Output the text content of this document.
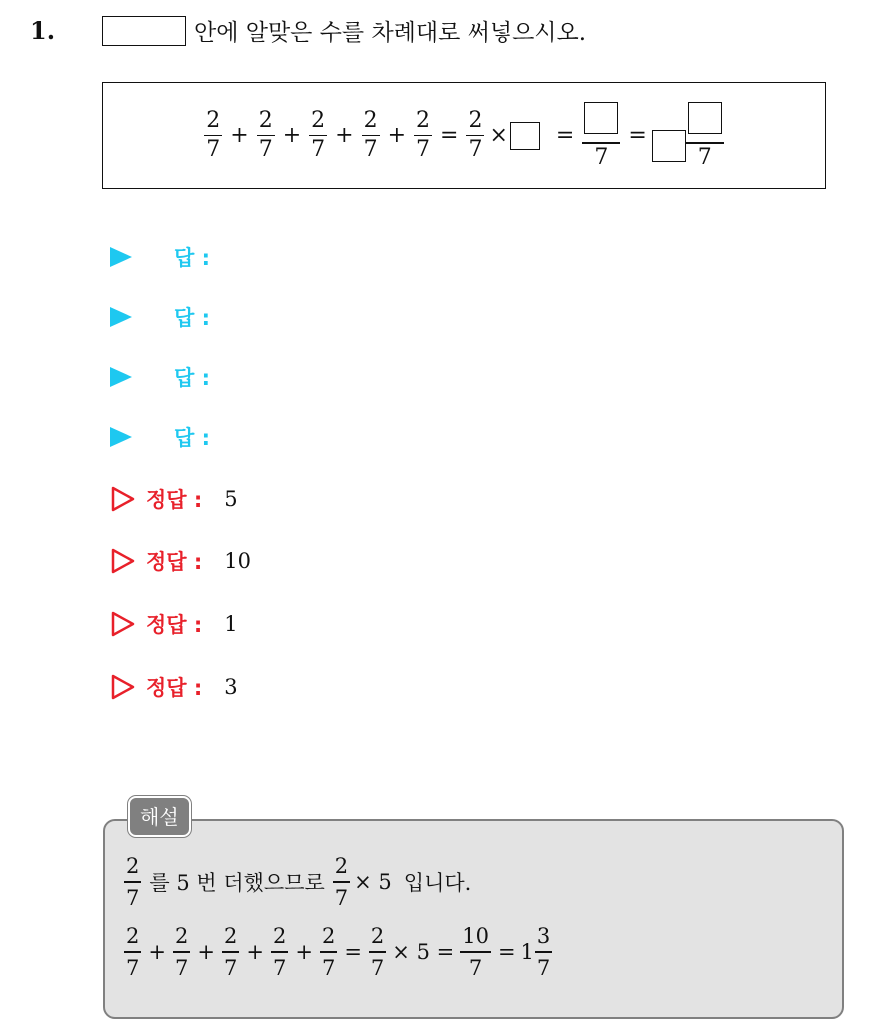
1.	안에 알맞은 수를 차례대로 써넣으시오.
$\frac{2}{7} + \frac{2}{7} + \frac{2}{7} + \frac{2}{7} + \frac{2}{7} = \frac{2}{7}$ × =
7
=
7
답 :
답 :
답 :
답 :
정답 : 5
정답 : 10
정답 : 1
정답 : 3
해설
$\frac{2}{7}$ 를 5 번 더했으므로 $\frac{2}{7} \times 5$ 입니다.
$\frac{2}{7} + \frac{2}{7} + \frac{2}{7} + \frac{2}{7} + \frac{2}{7} = \frac{2}{7} \times 5 = \frac{10}{7} = 1 \frac{3}{7}$
